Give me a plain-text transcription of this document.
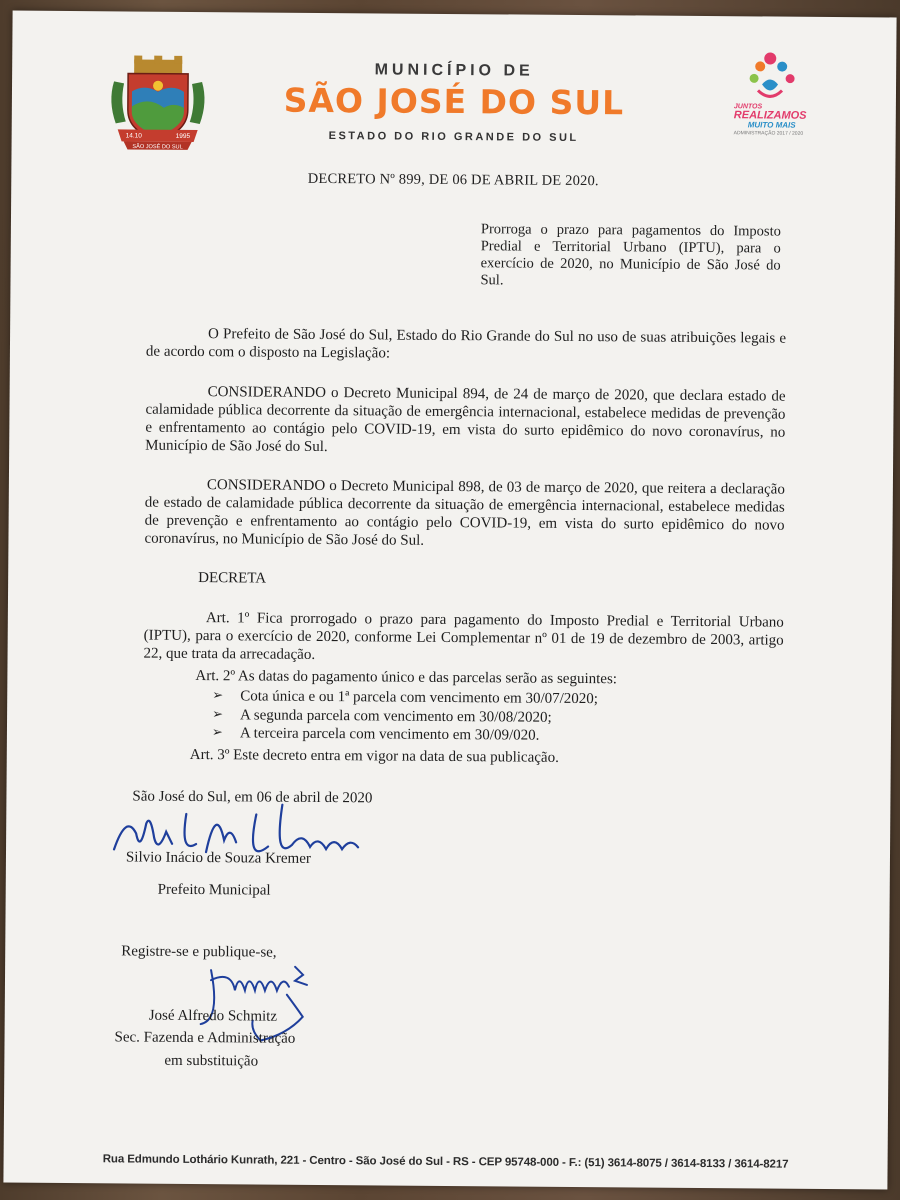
14.10	1995
SÃO JOSÉ DO SUL
MUNICÍPIO DE
SÃO JOSÉ DO SUL
ESTADO DO RIO GRANDE DO SUL
JUNTOS
REALIZAMOS
MUITO MAIS
ADMINISTRAÇÃO 2017 / 2020
DECRETO Nº 899, DE 06 DE ABRIL DE 2020.
Prorroga o prazo para pagamentos do Imposto Predial e Territorial Urbano (IPTU), para o exercício de 2020, no Município de São José do Sul.
O Prefeito de São José do Sul, Estado do Rio Grande do Sul no uso de suas atribuições legais e de acordo com o disposto na Legislação:
CONSIDERANDO o Decreto Municipal 894, de 24 de março de 2020, que declara estado de calamidade pública decorrente da situação de emergência internacional, estabelece medidas de prevenção e enfrentamento ao contágio pelo COVID-19, em vista do surto epidêmico do novo coronavírus, no Município de São José do Sul.
CONSIDERANDO o Decreto Municipal 898, de 03 de março de 2020, que reitera a declaração de estado de calamidade pública decorrente da situação de emergência internacional, estabelece medidas de prevenção e enfrentamento ao contágio pelo COVID-19, em vista do surto epidêmico do novo coronavírus, no Município de São José do Sul.
DECRETA
Art. 1º Fica prorrogado o prazo para pagamento do Imposto Predial e Territorial Urbano (IPTU), para o exercício de 2020, conforme Lei Complementar nº 01 de 19 de dezembro de 2003, artigo 22, que trata da arrecadação.
Art. 2º As datas do pagamento único e das parcelas serão as seguintes:
➢	Cota única e ou 1ª parcela com vencimento em 30/07/2020;
➢	A segunda parcela com vencimento em 30/08/2020;
➢	A terceira parcela com vencimento em 30/09/020.
Art. 3º Este decreto entra em vigor na data de sua publicação.
São José do Sul, em 06 de abril de 2020
Silvio Inácio de Souza Kremer
Prefeito Municipal
Registre-se e publique-se,
José Alfredo Schmitz
Sec. Fazenda e Administração
em substituição
Rua Edmundo Lothário Kunrath, 221 - Centro - São José do Sul - RS - CEP 95748-000 - F.: (51) 3614-8075 / 3614-8133 / 3614-8217
